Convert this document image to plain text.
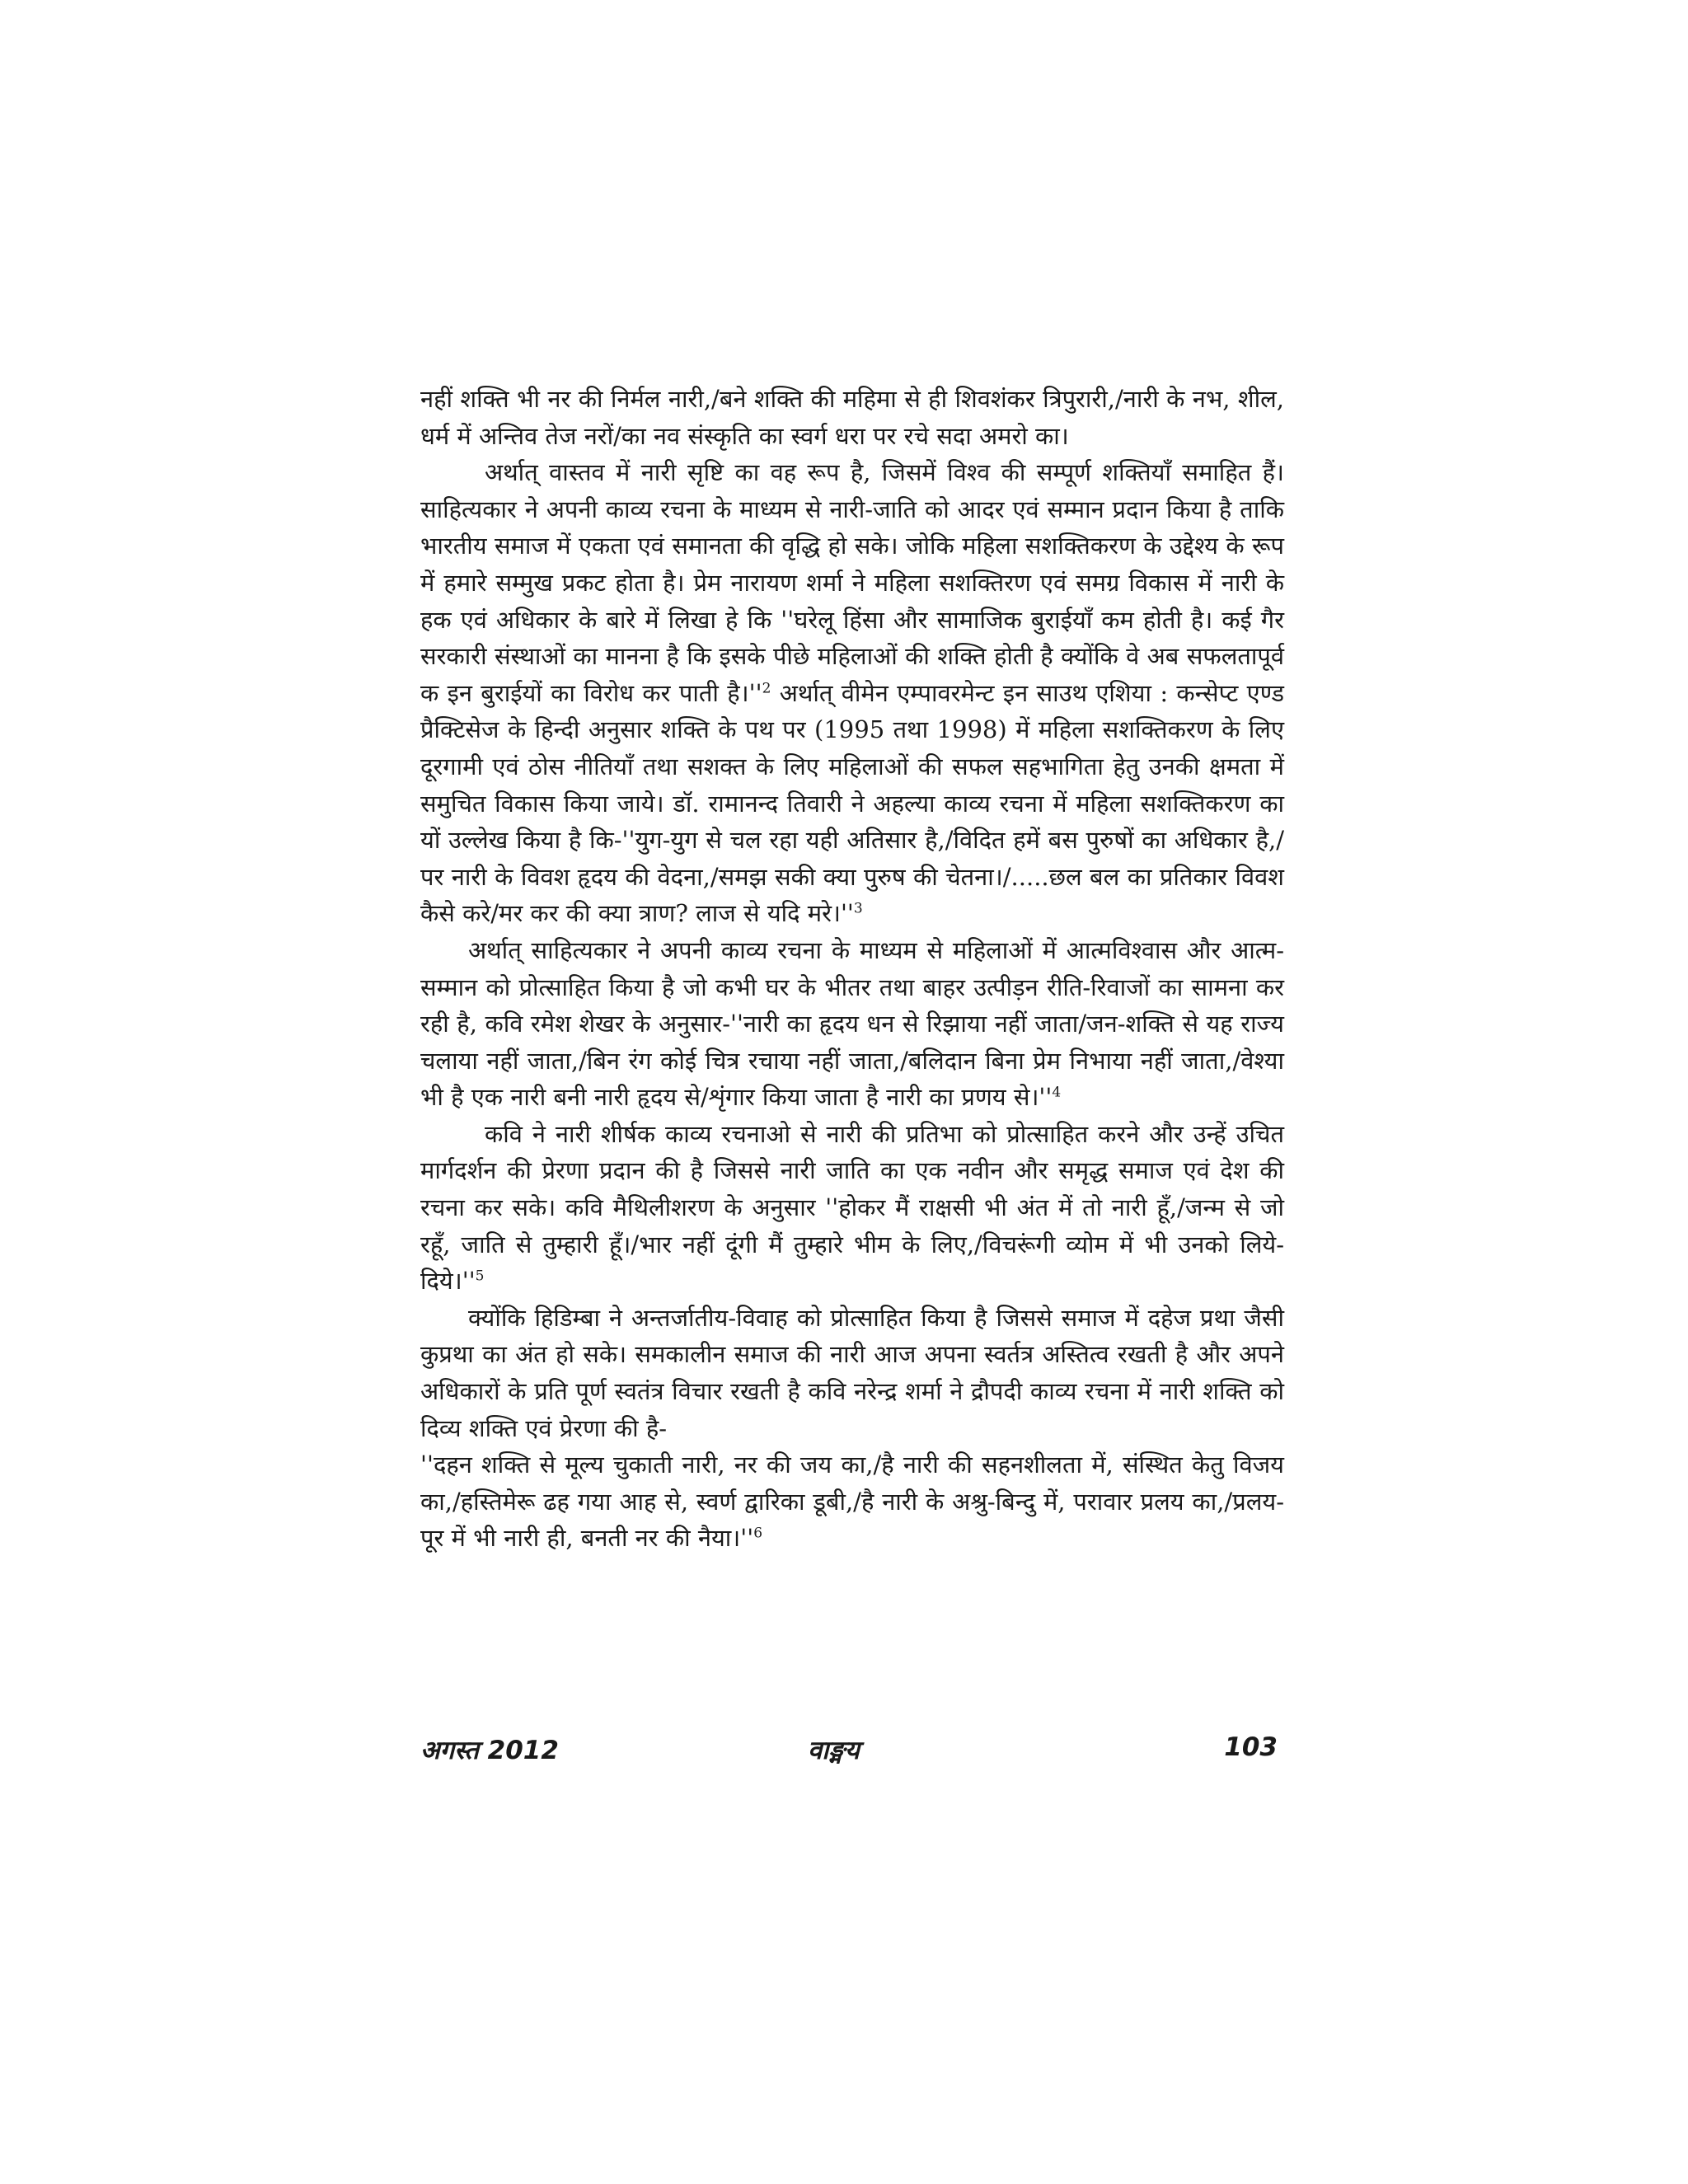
नहीं शक्ति भी नर की निर्मल नारी,/बने शक्ति की महिमा से ही शिवशंकर त्रिपुरारी,/नारी के नभ, शील, धर्म में अन्तिव तेज नरों/का नव संस्कृति का स्वर्ग धरा पर रचे सदा अमरो का।

अर्थात् वास्तव में नारी सृष्टि का वह रूप है, जिसमें विश्व की सम्पूर्ण शक्तियाँ समाहित हैं। साहित्यकार ने अपनी काव्य रचना के माध्यम से नारी-जाति को आदर एवं सम्मान प्रदान किया है ताकि भारतीय समाज में एकता एवं समानता की वृद्धि हो सके। जोकि महिला सशक्तिकरण के उद्देश्य के रूप में हमारे सम्मुख प्रकट होता है। प्रेम नारायण शर्मा ने महिला सशक्तिरण एवं समग्र विकास में नारी के हक एवं अधिकार के बारे में लिखा हे कि ''घरेलू हिंसा और सामाजिक बुराईयाँ कम होती है। कई गैर सरकारी संस्थाओं का मानना है कि इसके पीछे महिलाओं की शक्ति होती है क्योंकि वे अब सफलतापूर्व क इन बुराईयों का विरोध कर पाती $है।''^2$ अर्थात् वीमेन एम्पावरमेन्ट इन साउथ एशिया : कन्सेप्ट एण्ड प्रैक्टिसेज के हिन्दी अनुसार शक्ति के पथ पर (1995 तथा 1998) में महिला सशक्तिकरण के लिए दूरगामी एवं ठोस नीतियाँ तथा सशक्त के लिए महिलाओं की सफल सहभागिता हेतु उनकी क्षमता में समुचित विकास किया जाये। डॉ. रामानन्द तिवारी ने अहल्या काव्य रचना में महिला सशक्तिकरण का यों उल्लेख किया है कि-''युग-युग से चल रहा यही अतिसार है,/विदित हमें बस पुरुषों का अधिकार है,/ पर नारी के विवश हृदय की वेदना,/समझ सकी क्या पुरुष की चेतना।/.....छल बल का प्रतिकार विवश कैसे करे/मर कर की क्या त्राण? लाज से यदि $मरे।''^3$

अर्थात् साहित्यकार ने अपनी काव्य रचना के माध्यम से महिलाओं में आत्मविश्वास और आत्म-सम्मान को प्रोत्साहित किया है जो कभी घर के भीतर तथा बाहर उत्पीड़न रीति-रिवाजों का सामना कर रही है, कवि रमेश शेखर के अनुसार-''नारी का हृदय धन से रिझाया नहीं जाता/जन-शक्ति से यह राज्य चलाया नहीं जाता,/बिन रंग कोई चित्र रचाया नहीं जाता,/बलिदान बिना प्रेम निभाया नहीं जाता,/वेश्या भी है एक नारी बनी नारी हृदय से/शृंगार किया जाता है नारी का प्रणय $से।''^4$

कवि ने नारी शीर्षक काव्य रचनाओ से नारी की प्रतिभा को प्रोत्साहित करने और उन्हें उचित मार्गदर्शन की प्रेरणा प्रदान की है जिससे नारी जाति का एक नवीन और समृद्ध समाज एवं देश की रचना कर सके। कवि मैथिलीशरण के अनुसार ''होकर मैं राक्षसी भी अंत में तो नारी हूँ,/जन्म से जो रहूँ, जाति से तुम्हारी हूँ।/भार नहीं दूंगी मैं तुम्हारे भीम के लिए,/विचरूंगी व्योम में भी उनको $लिये-दिये।''^5$

क्योंकि हिडिम्बा ने अन्तर्जातीय-विवाह को प्रोत्साहित किया है जिससे समाज में दहेज प्रथा जैसी कुप्रथा का अंत हो सके। समकालीन समाज की नारी आज अपना स्वर्तत्र अस्तित्व रखती है और अपने अधिकारों के प्रति पूर्ण स्वतंत्र विचार रखती है कवि नरेन्द्र शर्मा ने द्रौपदी काव्य रचना में नारी शक्ति को दिव्य शक्ति एवं प्रेरणा की है-

''दहन शक्ति से मूल्य चुकाती नारी, नर की जय का,/है नारी की सहनशीलता में, संस्थित केतु विजय का,/हस्तिमेरू ढह गया आह से, स्वर्ण द्वारिका डूबी,/है नारी के अश्रु-बिन्दु में, परावार प्रलय का,/प्रलय-पूर में भी नारी ही, बनती नर की $नैया।''^6$

अगस्त 2012	वाङ्मय	103
